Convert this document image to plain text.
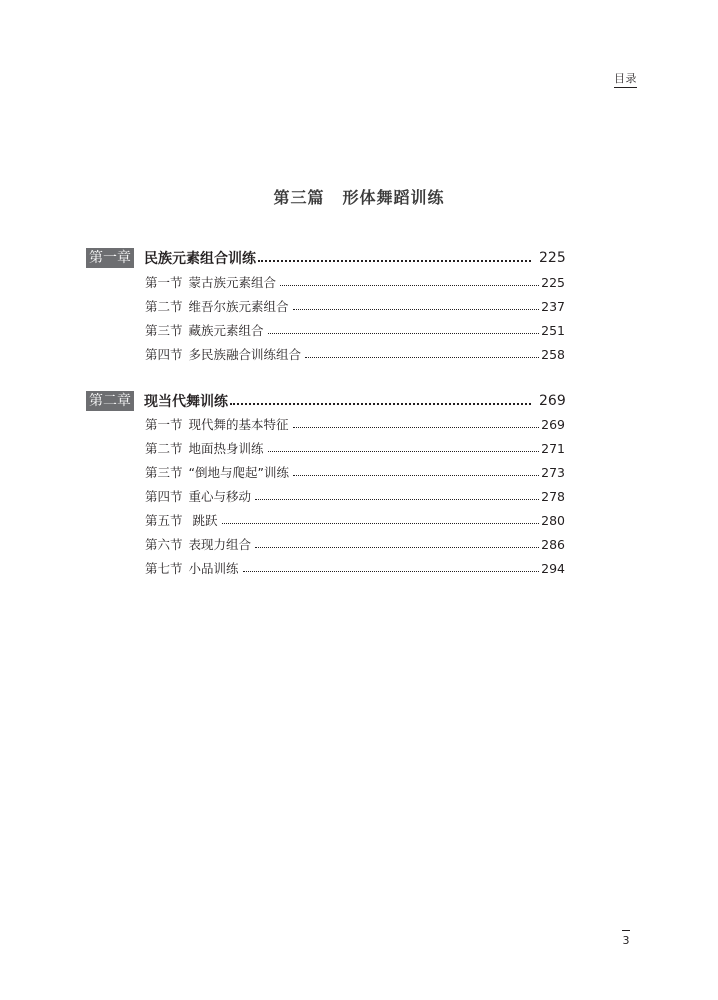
目录
第三篇 形体舞蹈训练
第一章 民族元素组合训练	225
第一节 蒙古族元素组合	225
第二节 维吾尔族元素组合	237
第三节 藏族元素组合	251
第四节 多民族融合训练组合	258
第二章 现当代舞训练	269
第一节 现代舞的基本特征	269
第二节 地面热身训练	271
第三节 “倒地与爬起”训练	273
第四节 重心与移动	278
第五节 跳跃	280
第六节 表现力组合	286
第七节 小品训练	294
3
